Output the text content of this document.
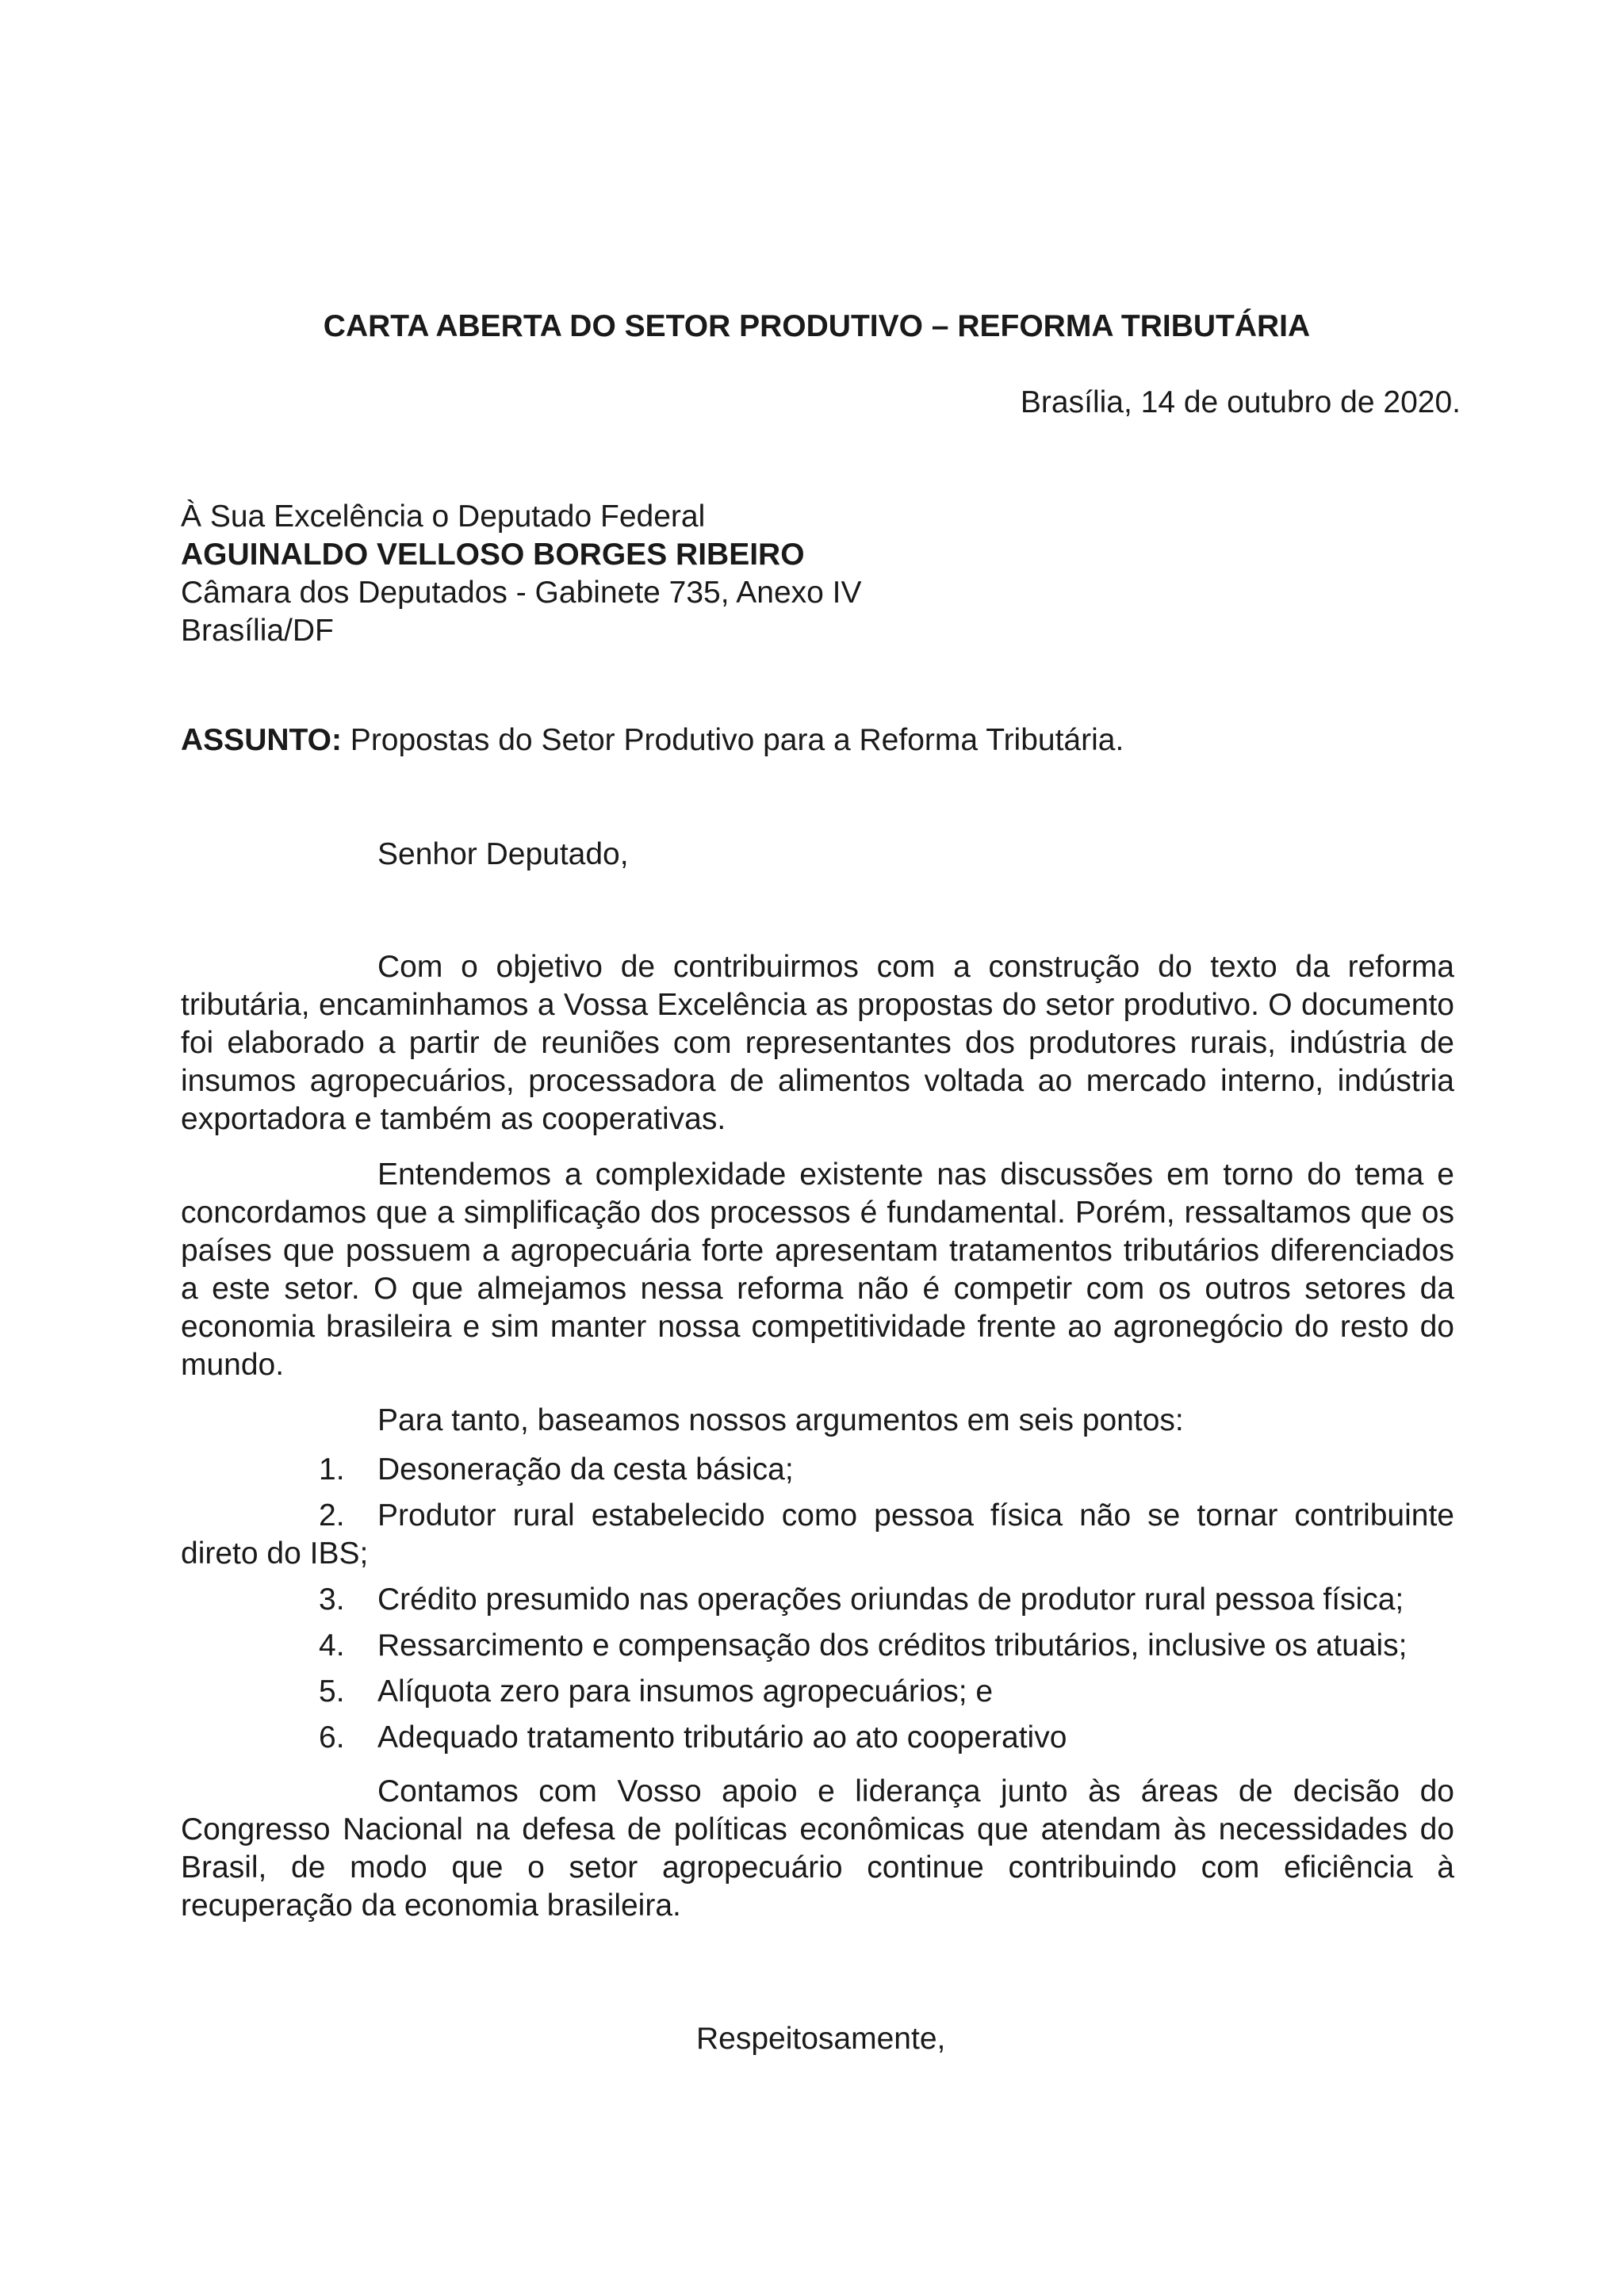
CARTA ABERTA DO SETOR PRODUTIVO – REFORMA TRIBUTÁRIA

Brasília, 14 de outubro de 2020.

À Sua Excelência o Deputado Federal
AGUINALDO VELLOSO BORGES RIBEIRO
Câmara dos Deputados - Gabinete 735, Anexo IV
Brasília/DF

ASSUNTO: Propostas do Setor Produtivo para a Reforma Tributária.

Senhor Deputado,

Com o objetivo de contribuirmos com a construção do texto da reforma tributária, encaminhamos a Vossa Excelência as propostas do setor produtivo. O documento foi elaborado a partir de reuniões com representantes dos produtores rurais, indústria de insumos agropecuários, processadora de alimentos voltada ao mercado interno, indústria exportadora e também as cooperativas.

Entendemos a complexidade existente nas discussões em torno do tema e concordamos que a simplificação dos processos é fundamental. Porém, ressaltamos que os países que possuem a agropecuária forte apresentam tratamentos tributários diferenciados a este setor. O que almejamos nessa reforma não é competir com os outros setores da economia brasileira e sim manter nossa competitividade frente ao agronegócio do resto do mundo.

Para tanto, baseamos nossos argumentos em seis pontos:

1. Desoneração da cesta básica;
2. Produtor rural estabelecido como pessoa física não se tornar contribuinte direto do IBS;
3. Crédito presumido nas operações oriundas de produtor rural pessoa física;
4. Ressarcimento e compensação dos créditos tributários, inclusive os atuais;
5. Alíquota zero para insumos agropecuários; e
6. Adequado tratamento tributário ao ato cooperativo

Contamos com Vosso apoio e liderança junto às áreas de decisão do Congresso Nacional na defesa de políticas econômicas que atendam às necessidades do Brasil, de modo que o setor agropecuário continue contribuindo com eficiência à recuperação da economia brasileira.

Respeitosamente,
